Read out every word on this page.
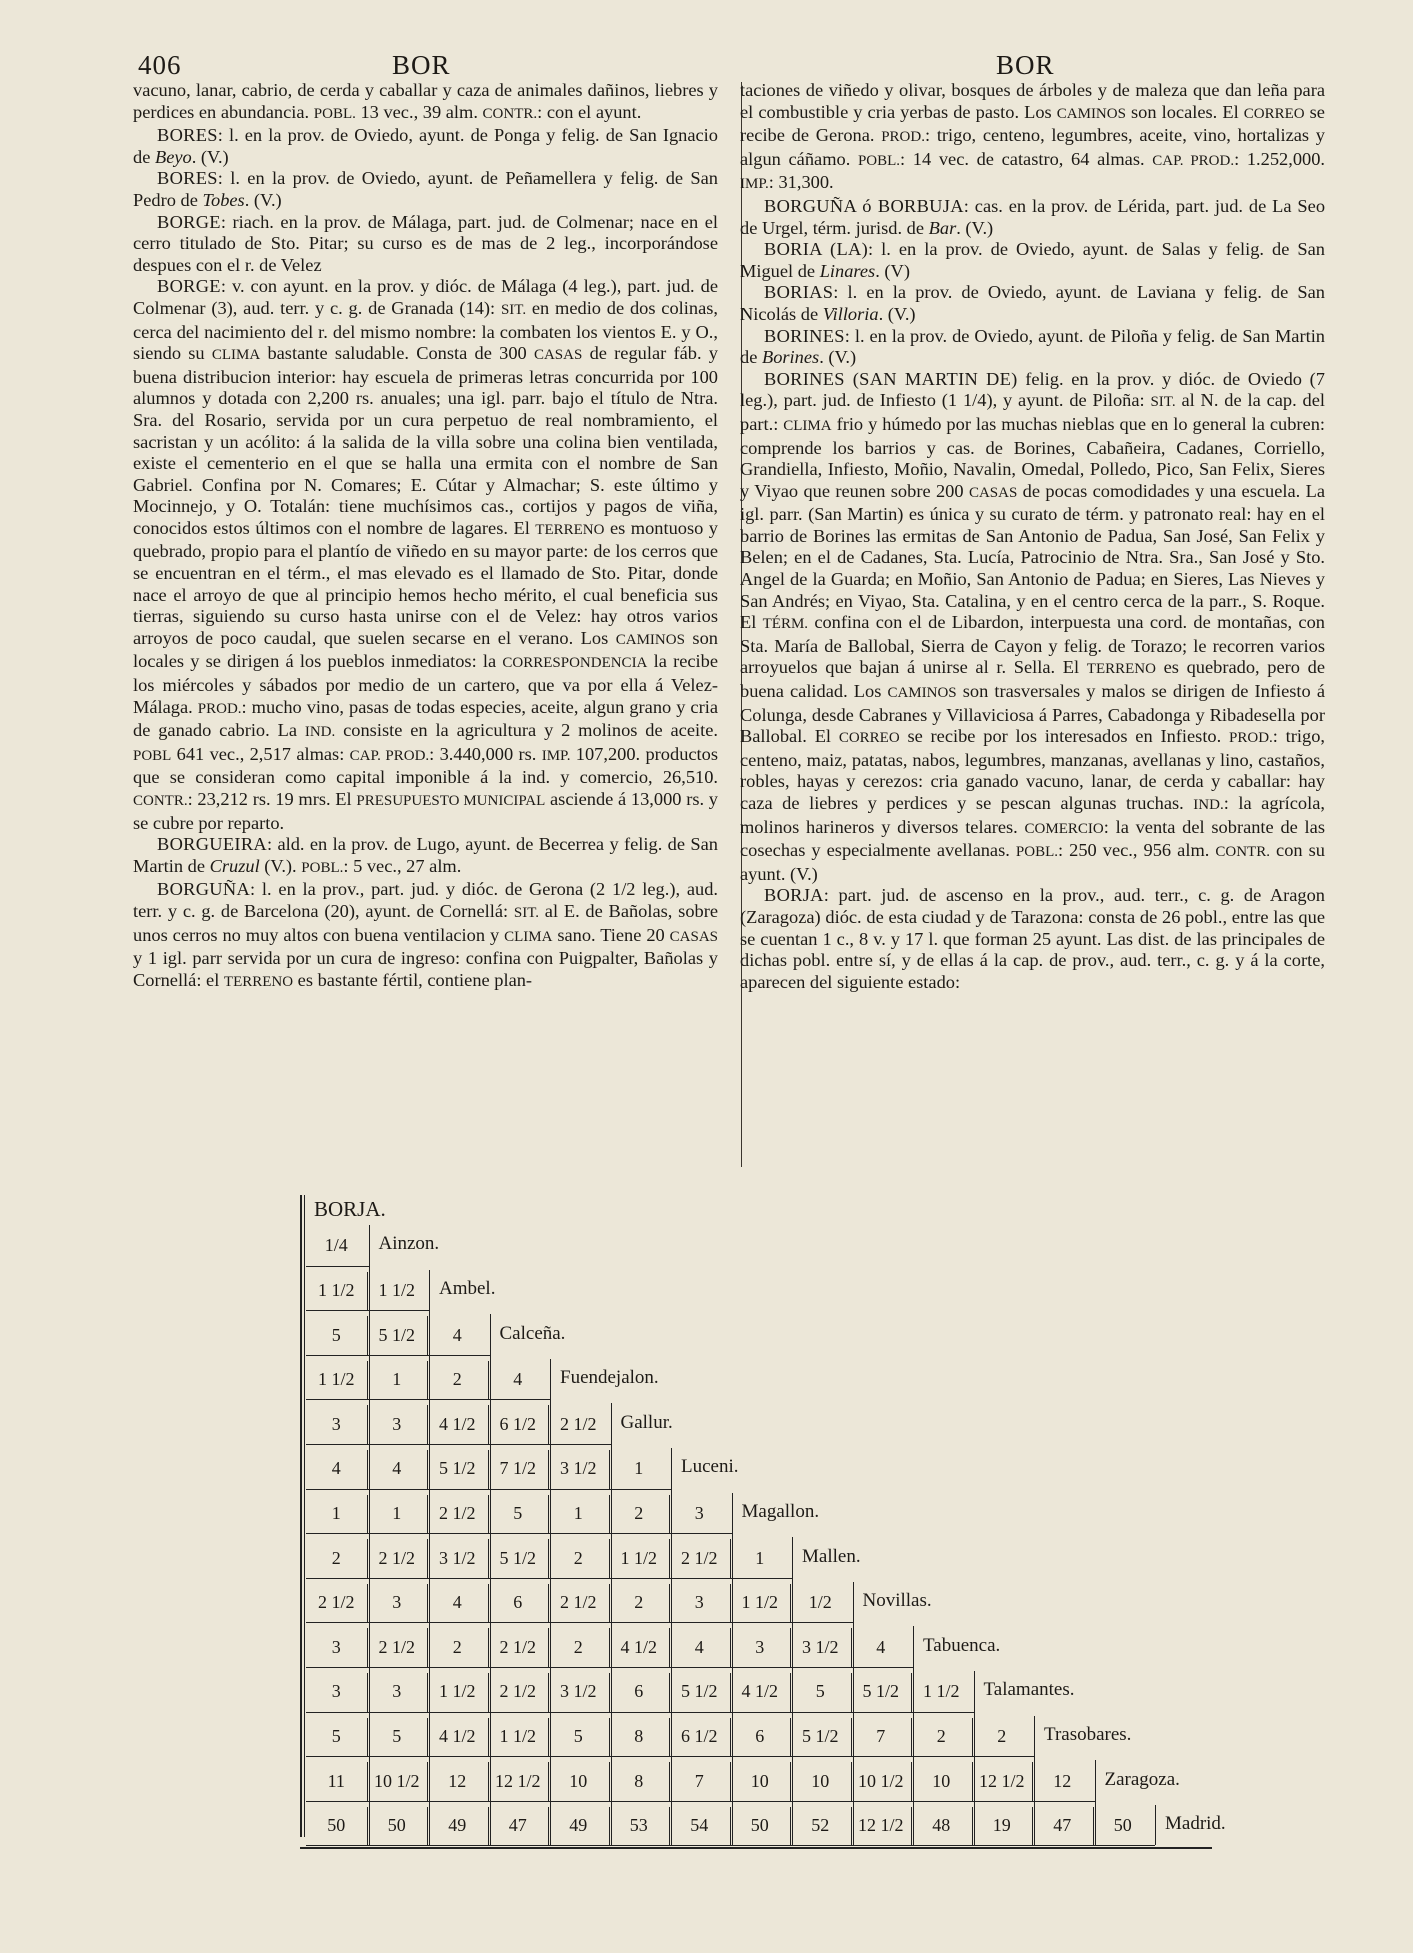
406	BOR	BOR

vacuno, lanar, cabrio, de cerda y caballar y caza de animales dañinos, liebres y perdices en abundancia. POBL. 13 vec., 39 alm. CONTR.: con el ayunt.

BORES: l. en la prov. de Oviedo, ayunt. de Ponga y felig. de San Ignacio de Beyo. (V.)

BORES: l. en la prov. de Oviedo, ayunt. de Peñamellera y felig. de San Pedro de Tobes. (V.)

BORGE: riach. en la prov. de Málaga, part. jud. de Colmenar; nace en el cerro titulado de Sto. Pitar; su curso es de mas de 2 leg., incorporándose despues con el r. de Velez

BORGE: v. con ayunt. en la prov. y dióc. de Málaga (4 leg.), part. jud. de Colmenar (3), aud. terr. y c. g. de Granada (14): SIT. en medio de dos colinas, cerca del nacimiento del r. del mismo nombre: la combaten los vientos E. y O., siendo su CLIMA bastante saludable. Consta de 300 CASAS de regular fáb. y buena distribucion interior: hay escuela de primeras letras concurrida por 100 alumnos y dotada con 2,200 rs. anuales; una igl. parr. bajo el título de Ntra. Sra. del Rosario, servida por un cura perpetuo de real nombramiento, el sacristan y un acólito: á la salida de la villa sobre una colina bien ventilada, existe el cementerio en el que se halla una ermita con el nombre de San Gabriel. Confina por N. Comares; E. Cútar y Almachar; S. este último y Mocinnejo, y O. Totalán: tiene muchísimos cas., cortijos y pagos de viña, conocidos estos últimos con el nombre de lagares. El TERRENO es montuoso y quebrado, propio para el plantío de viñedo en su mayor parte: de los cerros que se encuentran en el térm., el mas elevado es el llamado de Sto. Pitar, donde nace el arroyo de que al principio hemos hecho mérito, el cual beneficia sus tierras, siguiendo su curso hasta unirse con el de Velez: hay otros varios arroyos de poco caudal, que suelen secarse en el verano. Los CAMINOS son locales y se dirigen á los pueblos inmediatos: la CORRESPONDENCIA la recibe los miércoles y sábados por medio de un cartero, que va por ella á Velez-Málaga. PROD.: mucho vino, pasas de todas especies, aceite, algun grano y cria de ganado cabrio. La IND. consiste en la agricultura y 2 molinos de aceite. POBL 641 vec., 2,517 almas: CAP. PROD.: 3.440,000 rs. IMP. 107,200. productos que se consideran como capital imponible á la ind. y comercio, 26,510. CONTR.: 23,212 rs. 19 mrs. El PRESUPUESTO MUNICIPAL asciende á 13,000 rs. y se cubre por reparto.

BORGUEIRA: ald. en la prov. de Lugo, ayunt. de Becerrea y felig. de San Martin de Cruzul (V.). POBL.: 5 vec., 27 alm.

BORGUÑA: l. en la prov., part. jud. y dióc. de Gerona (2 1/2 leg.), aud. terr. y c. g. de Barcelona (20), ayunt. de Cornellá: SIT. al E. de Bañolas, sobre unos cerros no muy altos con buena ventilacion y CLIMA sano. Tiene 20 CASAS y 1 igl. parr servida por un cura de ingreso: confina con Puigpalter, Bañolas y Cornellá: el TERRENO es bastante fértil, contiene plan-

taciones de viñedo y olivar, bosques de árboles y de maleza que dan leña para el combustible y cria yerbas de pasto. Los CAMINOS son locales. El CORREO se recibe de Gerona. PROD.: trigo, centeno, legumbres, aceite, vino, hortalizas y algun cáñamo. POBL.: 14 vec. de catastro, 64 almas. CAP. PROD.: 1.252,000. IMP.: 31,300.

BORGUÑA ó BORBUJA: cas. en la prov. de Lérida, part. jud. de La Seo de Urgel, térm. jurisd. de Bar. (V.)

BORIA (LA): l. en la prov. de Oviedo, ayunt. de Salas y felig. de San Miguel de Linares. (V)

BORIAS: l. en la prov. de Oviedo, ayunt. de Laviana y felig. de San Nicolás de Villoria. (V.)

BORINES: l. en la prov. de Oviedo, ayunt. de Piloña y felig. de San Martin de Borines. (V.)

BORINES (SAN MARTIN DE) felig. en la prov. y dióc. de Oviedo (7 leg.), part. jud. de Infiesto (1 1/4), y ayunt. de Piloña: SIT. al N. de la cap. del part.: CLIMA frio y húmedo por las muchas nieblas que en lo general la cubren: comprende los barrios y cas. de Borines, Cabañeira, Cadanes, Corriello, Grandiella, Infiesto, Moñio, Navalin, Omedal, Polledo, Pico, San Felix, Sieres y Viyao que reunen sobre 200 CASAS de pocas comodidades y una escuela. La igl. parr. (San Martin) es única y su curato de térm. y patronato real: hay en el barrio de Borines las ermitas de San Antonio de Padua, San José, San Felix y Belen; en el de Cadanes, Sta. Lucía, Patrocinio de Ntra. Sra., San José y Sto. Angel de la Guarda; en Moñio, San Antonio de Padua; en Sieres, Las Nieves y San Andrés; en Viyao, Sta. Catalina, y en el centro cerca de la parr., S. Roque. El TÉRM. confina con el de Libardon, interpuesta una cord. de montañas, con Sta. María de Ballobal, Sierra de Cayon y felig. de Torazo; le recorren varios arroyuelos que bajan á unirse al r. Sella. El TERRENO es quebrado, pero de buena calidad. Los CAMINOS son trasversales y malos se dirigen de Infiesto á Colunga, desde Cabranes y Villaviciosa á Parres, Cabadonga y Ribadesella por Ballobal. El CORREO se recibe por los interesados en Infiesto. PROD.: trigo, centeno, maiz, patatas, nabos, legumbres, manzanas, avellanas y lino, castaños, robles, hayas y cerezos: cria ganado vacuno, lanar, de cerda y caballar: hay caza de liebres y perdices y se pescan algunas truchas. IND.: la agrícola, molinos harineros y diversos telares. COMERCIO: la venta del sobrante de las cosechas y especialmente avellanas. POBL.: 250 vec., 956 alm. CONTR. con su ayunt. (V.)

BORJA: part. jud. de ascenso en la prov., aud. terr., c. g. de Aragon (Zaragoza) dióc. de esta ciudad y de Tarazona: consta de 26 pobl., entre las que se cuentan 1 c., 8 v. y 17 l. que forman 25 ayunt. Las dist. de las principales de dichas pobl. entre sí, y de ellas á la cap. de prov., aud. terr., c. g. y á la corte, aparecen del siguiente estado:

BORJA.
1/4	Ainzon.
1 1/2	1 1/2	Ambel.
5	5 1/2	4	Calceña.
1 1/2	1	2	4	Fuendejalon.
3	3	4 1/2	6 1/2	2 1/2	Gallur.
4	4	5 1/2	7 1/2	3 1/2	1	Luceni.
1	1	2 1/2	5	1	2	3	Magallon.
2	2 1/2	3 1/2	5 1/2	2	1 1/2	2 1/2	1	Mallen.
2 1/2	3	4	6	2 1/2	2	3	1 1/2	1/2	Novillas.
3	2 1/2	2	2 1/2	2	4 1/2	4	3	3 1/2	4	Tabuenca.
3	3	1 1/2	2 1/2	3 1/2	6	5 1/2	4 1/2	5	5 1/2	1 1/2	Talamantes.
5	5	4 1/2	1 1/2	5	8	6 1/2	6	5 1/2	7	2	2	Trasobares.
11	10 1/2	12	12 1/2	10	8	7	10	10	10 1/2	10	12 1/2	12	Zaragoza.
50	50	49	47	49	53	54	50	52	12 1/2	48	19	47	50	Madrid.
